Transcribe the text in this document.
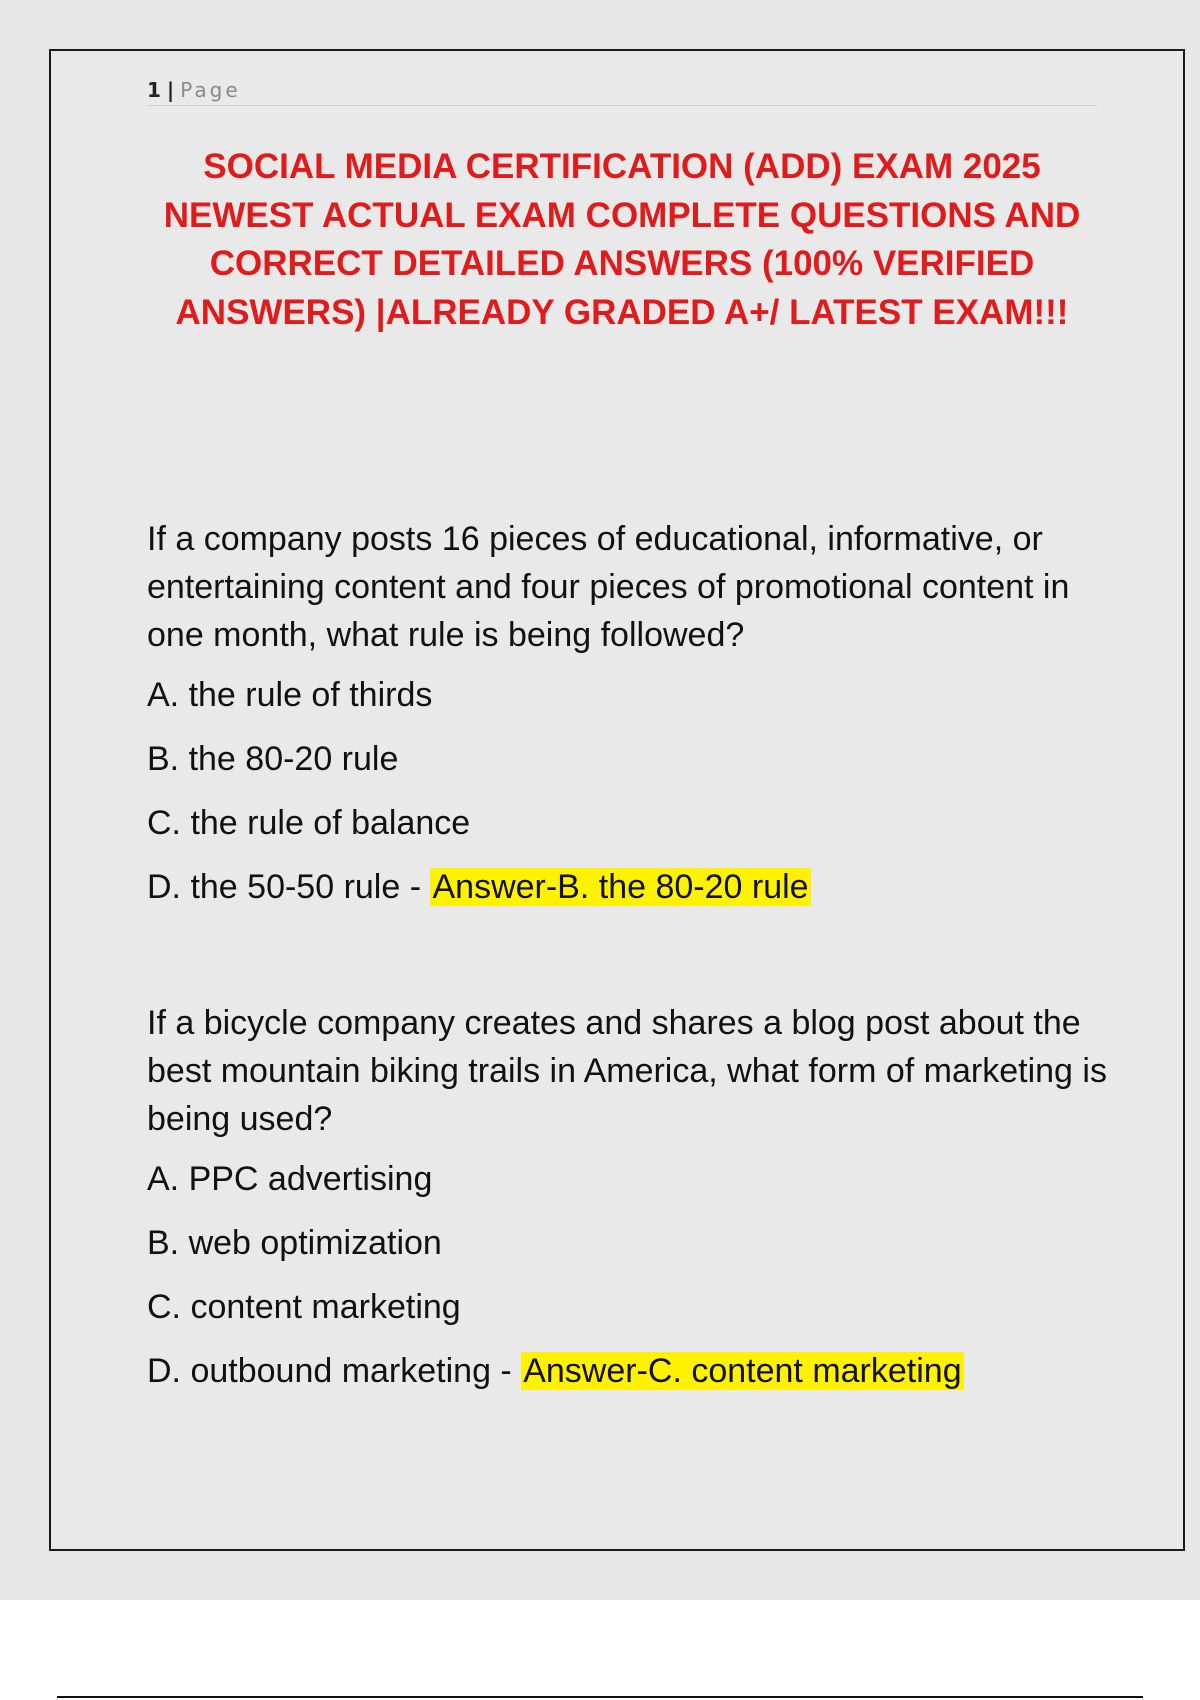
1 | Page
SOCIAL MEDIA CERTIFICATION (ADD) EXAM 2025 NEWEST ACTUAL EXAM COMPLETE QUESTIONS AND CORRECT DETAILED ANSWERS (100% VERIFIED ANSWERS) |ALREADY GRADED A+/ LATEST EXAM!!!
If a company posts 16 pieces of educational, informative, or entertaining content and four pieces of promotional content in one month, what rule is being followed?
A. the rule of thirds
B. the 80-20 rule
C. the rule of balance
D. the 50-50 rule - Answer-B. the 80-20 rule
If a bicycle company creates and shares a blog post about the best mountain biking trails in America, what form of marketing is being used?
A. PPC advertising
B. web optimization
C. content marketing
D. outbound marketing - Answer-C. content marketing
